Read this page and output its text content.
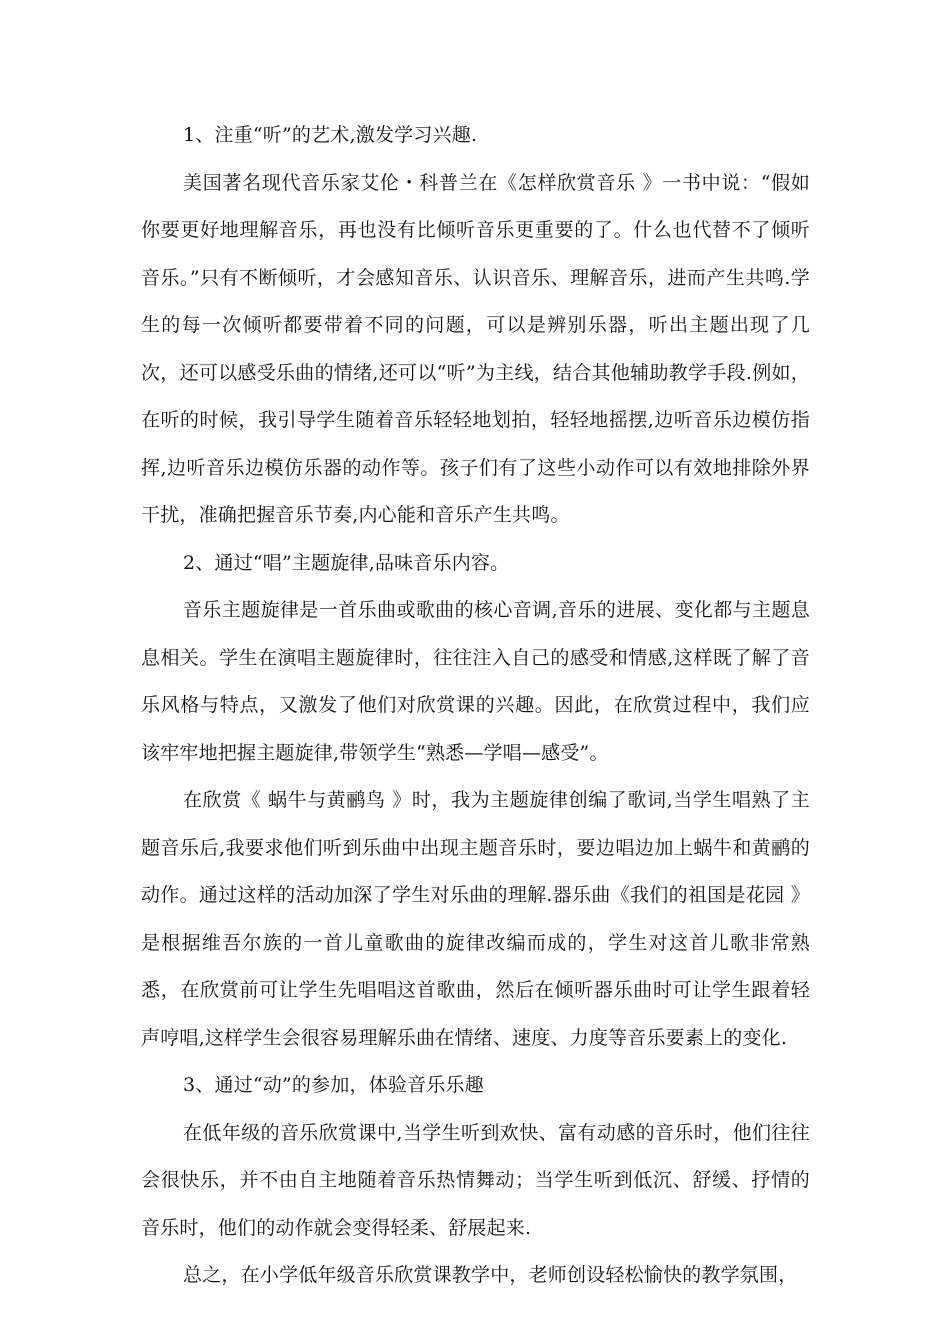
1、注重“听”的艺术,激发学习兴趣.

美国著名现代音乐家艾伦・科普兰在《怎样欣赏音乐 》一书中说：“假如你要更好地理解音乐，再也没有比倾听音乐更重要的了。什么也代替不了倾听音乐。”只有不断倾听，才会感知音乐、认识音乐、理解音乐，进而产生共鸣.学生的每一次倾听都要带着不同的问题，可以是辨别乐器，听出主题出现了几次，还可以感受乐曲的情绪,还可以“听”为主线，结合其他辅助教学手段.例如，在听的时候，我引导学生随着音乐轻轻地划拍，轻轻地摇摆,边听音乐边模仿指挥,边听音乐边模仿乐器的动作等。孩子们有了这些小动作可以有效地排除外界干扰，准确把握音乐节奏,内心能和音乐产生共鸣。

2、通过“唱”主题旋律,品味音乐内容。

音乐主题旋律是一首乐曲或歌曲的核心音调,音乐的进展、变化都与主题息息相关。学生在演唱主题旋律时，往往注入自己的感受和情感,这样既了解了音乐风格与特点，又激发了他们对欣赏课的兴趣。因此，在欣赏过程中，我们应该牢牢地把握主题旋律,带领学生“熟悉—学唱—感受”。

在欣赏《 蜗牛与黄鹂鸟 》时，我为主题旋律创编了歌词,当学生唱熟了主题音乐后,我要求他们听到乐曲中出现主题音乐时，要边唱边加上蜗牛和黄鹂的动作。通过这样的活动加深了学生对乐曲的理解.器乐曲《我们的祖国是花园 》是根据维吾尔族的一首儿童歌曲的旋律改编而成的，学生对这首儿歌非常熟悉，在欣赏前可让学生先唱唱这首歌曲，然后在倾听器乐曲时可让学生跟着轻声哼唱,这样学生会很容易理解乐曲在情绪、速度、力度等音乐要素上的变化.

3、通过“动”的参加，体验音乐乐趣

在低年级的音乐欣赏课中,当学生听到欢快、富有动感的音乐时，他们往往会很快乐，并不由自主地随着音乐热情舞动；当学生听到低沉、舒缓、抒情的音乐时，他们的动作就会变得轻柔、舒展起来.

总之，在小学低年级音乐欣赏课教学中，老师创设轻松愉快的教学氛围，
